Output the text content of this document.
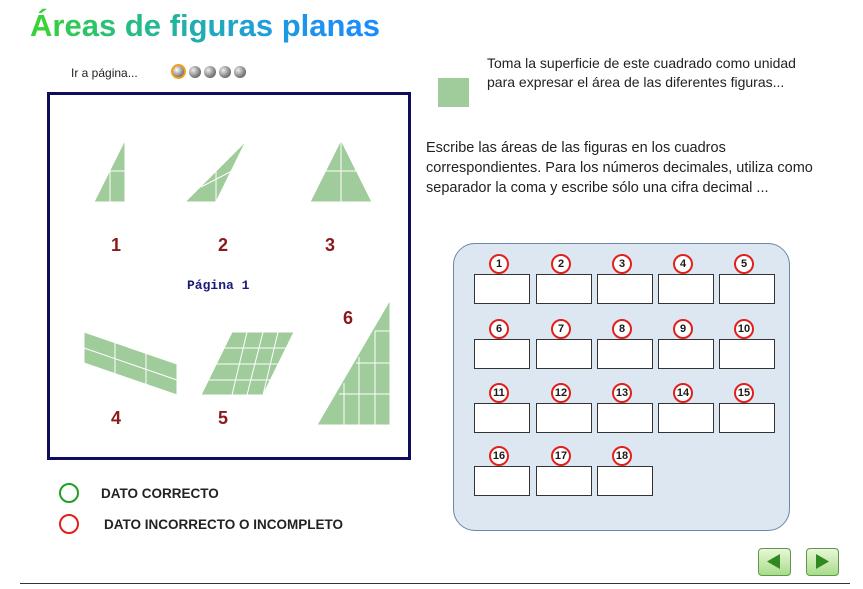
Áreas de figuras planas
Ir a página...
Toma la superficie de este cuadrado como unidad para expresar el área de las diferentes figuras...
Escribe las áreas de las figuras en los cuadros correspondientes. Para los números decimales, utiliza como separador la coma y escribe sólo una cifra decimal ...
1	2	3
4	5
6
Página 1
DATO CORRECTO
DATO INCORRECTO O INCOMPLETO
1	2	3	4	5
6	7	8	9	10
11	12	13	14	15
16	17	18
